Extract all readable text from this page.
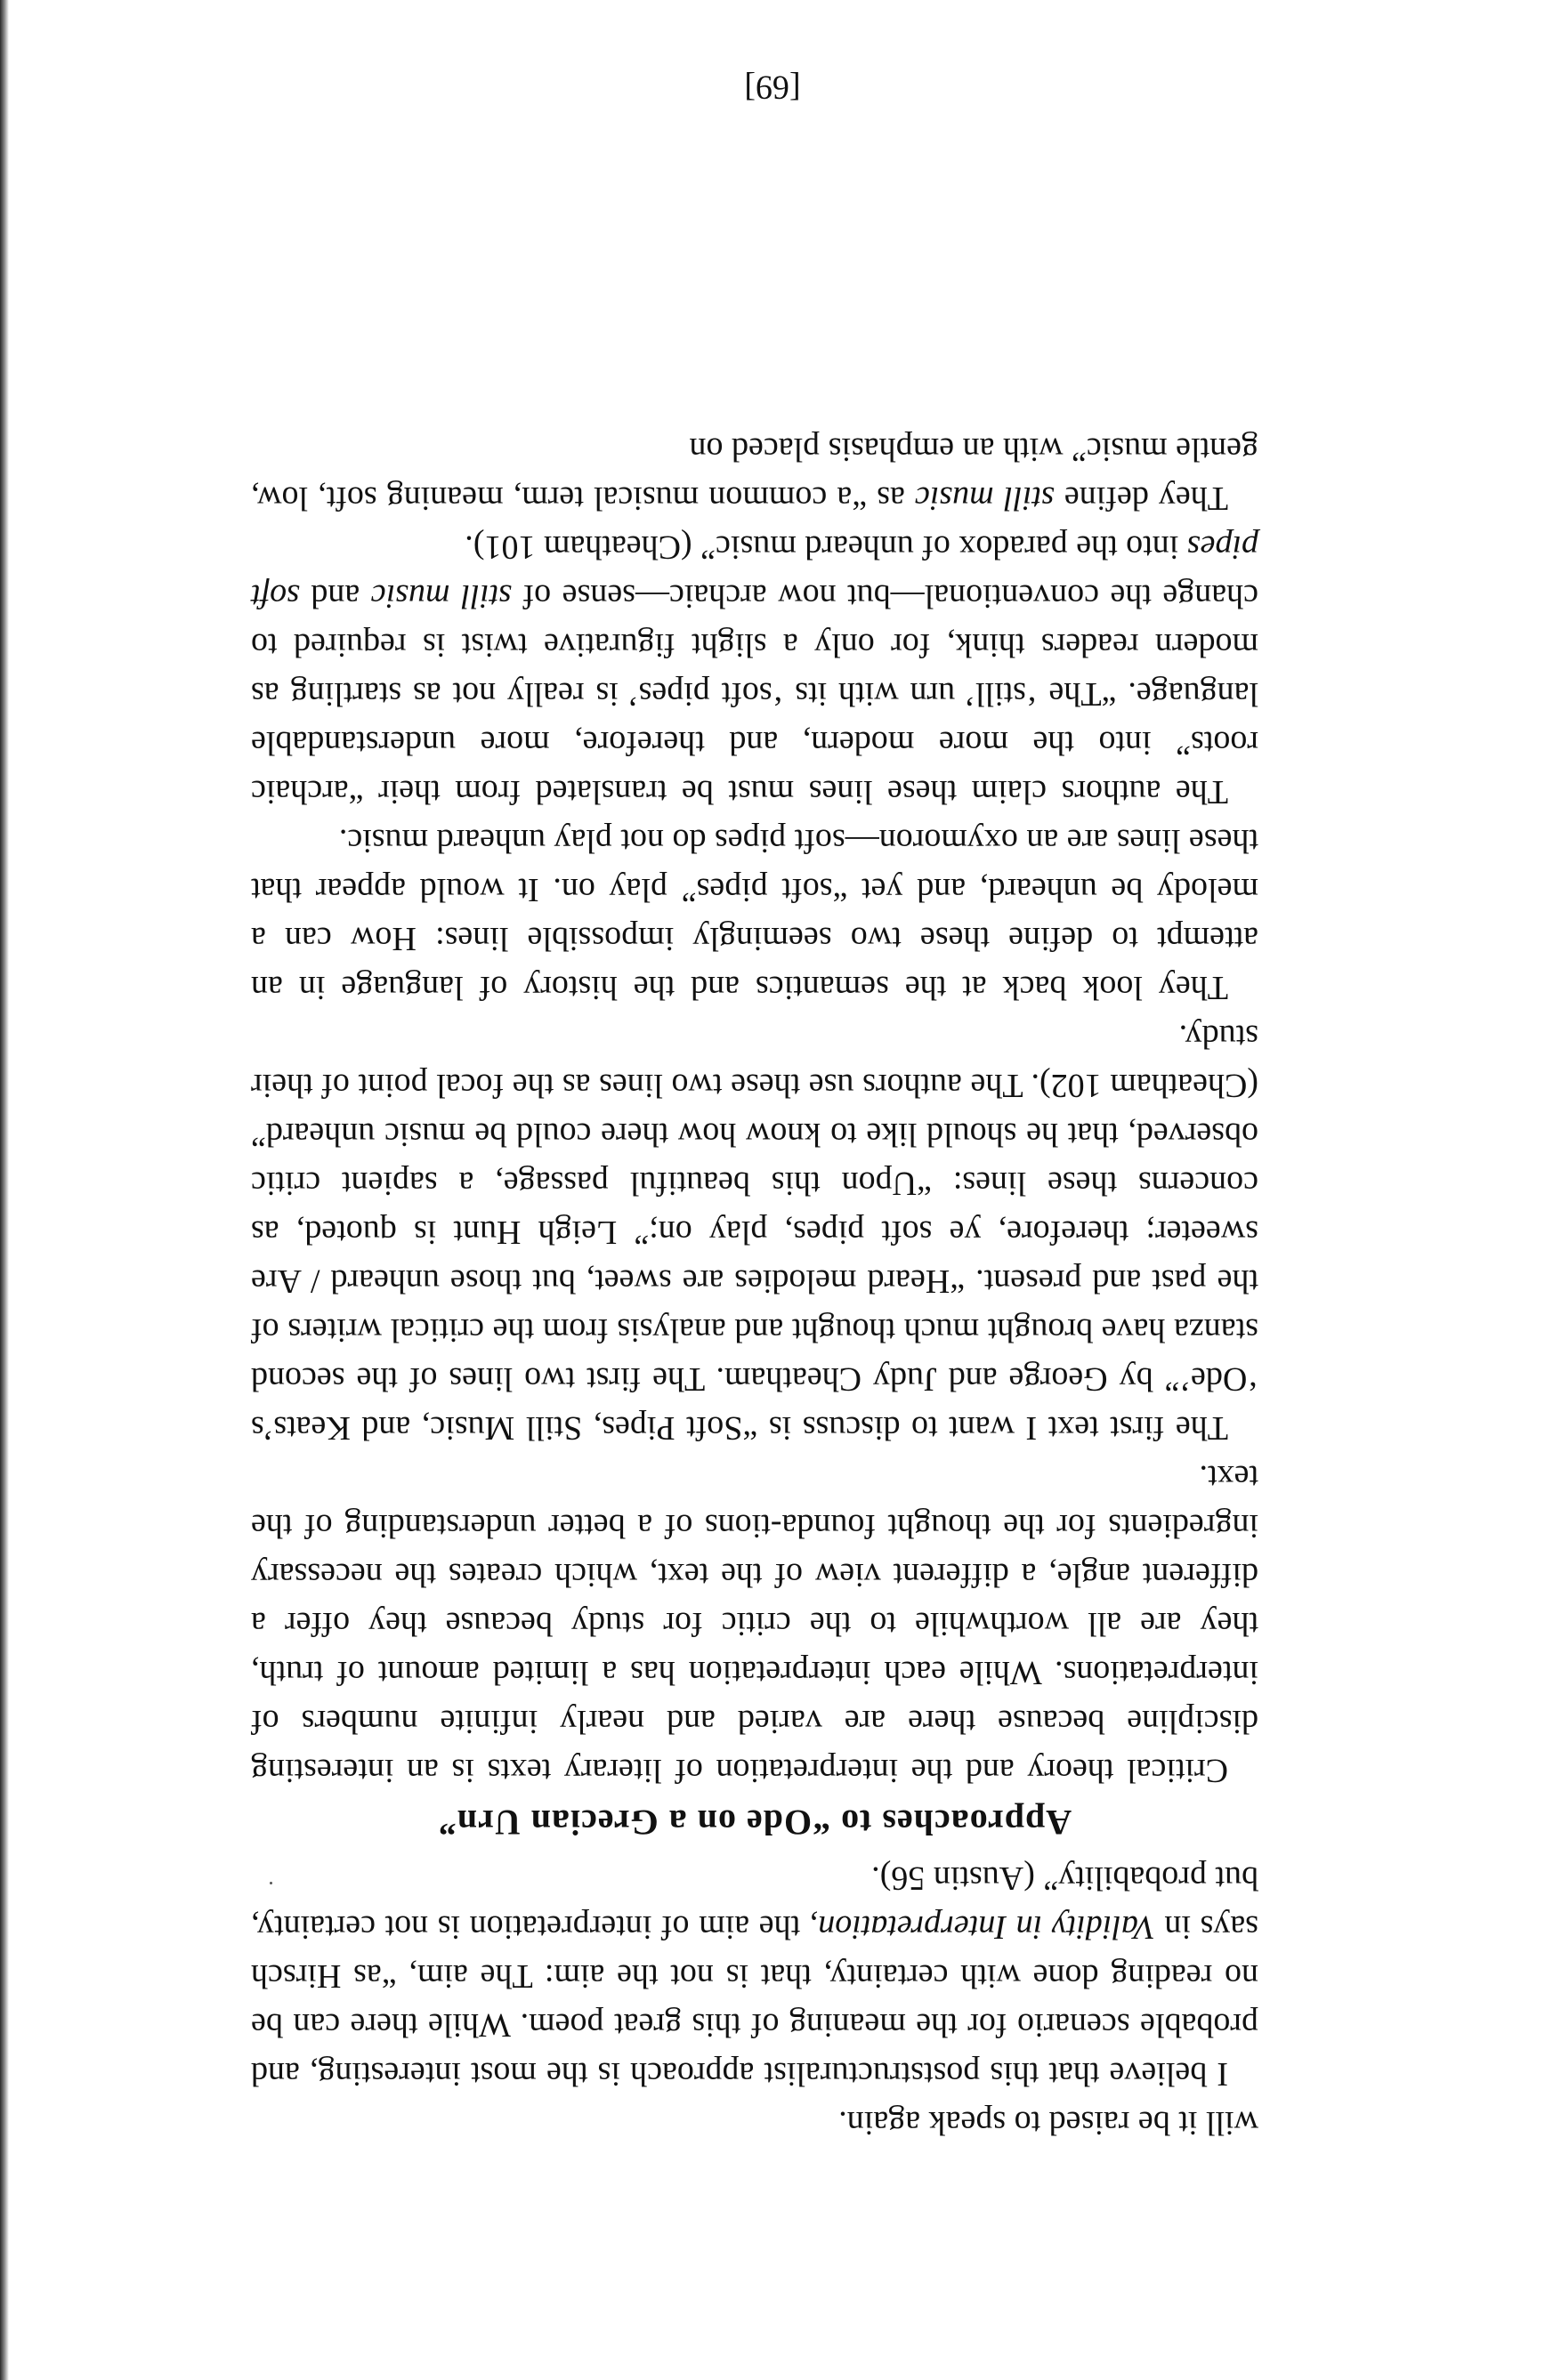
will it be raised to speak again.

I believe that this poststructuralist approach is the most interesting, and probable scenario for the meaning of this great poem. While there can be no reading done with certainty, that is not the aim: The aim, “as Hirsch says in Validity in Interpretation, the aim of interpretation is not certainty, but probability” (Austin 56).

Approaches to “Ode on a Grecian Urn”

Critical theory and the interpretation of literary texts is an interesting discipline because there are varied and nearly infinite numbers of interpretations. While each interpretation has a limited amount of truth, they are all worthwhile to the critic for study because they offer a different angle, a different view of the text, which creates the necessary ingredients for the thought founda-tions of a better understanding of the text.

The first text I want to discuss is “Soft Pipes, Still Music, and Keats’s ‘Ode’” by George and Judy Cheatham. The first two lines of the second stanza have brought much thought and analysis from the critical writers of the past and present. “Heard melodies are sweet, but those unheard / Are sweeter; therefore, ye soft pipes, play on;” Leigh Hunt is quoted, as concerns these lines: “Upon this beautiful passage, a sapient critic observed, that he should like to know how there could be music unheard” (Cheatham 102). The authors use these two lines as the focal point of their study.

They look back at the semantics and the history of language in an attempt to define these two seemingly impossible lines: How can a melody be unheard, and yet “soft pipes” play on. It would appear that these lines are an oxymoron—soft pipes do not play unheard music.

The authors claim these lines must be translated from their “archaic roots” into the more modern, and therefore, more understandable language. “The ‘still’ urn with its ‘soft pipes’ is really not as startling as modern readers think, for only a slight figurative twist is required to change the conventional—but now archaic—sense of still music and soft pipes into the paradox of unheard music” (Cheatham 101).

They define still music as “a common musical term, meaning soft, low, gentle music” with an emphasis placed on

[69]
